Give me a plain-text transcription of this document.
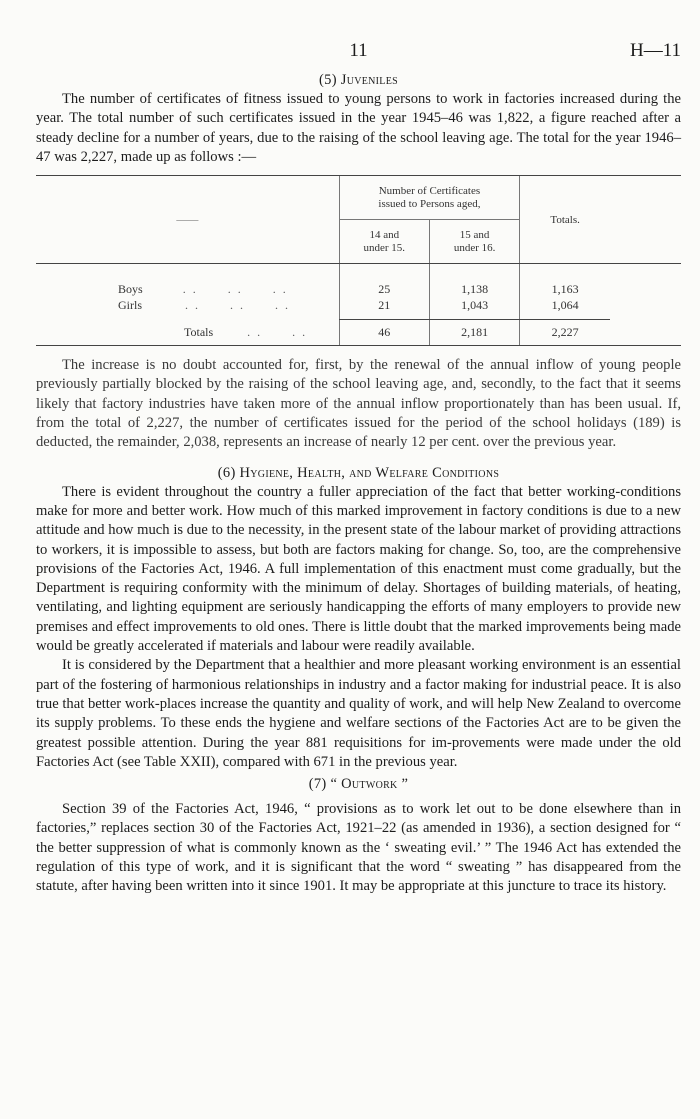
11	H—11
(5) Juveniles

The number of certificates of fitness issued to young persons to work in factories increased during the year. The total number of such certificates issued in the year 1945–46 was 1,822, a figure reached after a steady decline for a number of years, due to the raising of the school leaving age. The total for the year 1946–47 was 2,227, made up as follows :—

——	Number of Certificates issued to Persons aged,		Totals.	
	14 and under 15.	15 and under 16.		

Boys . .      . .      . .	25	1,138	1,163	
Girls . .      . .      . .	21	1,043	1,064	

Totals . .      . .	46	2,181	2,227	

The increase is no doubt accounted for, first, by the renewal of the annual inflow of young people previously partially blocked by the raising of the school leaving age, and, secondly, to the fact that it seems likely that factory industries have taken more of the annual inflow proportionately than has been usual. If, from the total of 2,227, the number of certificates issued for the period of the school holidays (189) is deducted, the remainder, 2,038, represents an increase of nearly 12 per cent. over the previous year.

(6) Hygiene, Health, and Welfare Conditions

There is evident throughout the country a fuller appreciation of the fact that better working-conditions make for more and better work. How much of this marked improvement in factory conditions is due to a new attitude and how much is due to the necessity, in the present state of the labour market of providing attractions to workers, it is impossible to assess, but both are factors making for change. So, too, are the comprehensive provisions of the Factories Act, 1946. A full implementation of this enactment must come gradually, but the Department is requiring conformity with the minimum of delay. Shortages of building materials, of heating, ventilating, and lighting equipment are seriously handicapping the efforts of many employers to provide new premises and effect improvements to old ones. There is little doubt that the marked improvements being made would be greatly accelerated if materials and labour were readily available.

It is considered by the Department that a healthier and more pleasant working environment is an essential part of the fostering of harmonious relationships in industry and a factor making for industrial peace. It is also true that better work-places increase the quantity and quality of work, and will help New Zealand to overcome its supply problems. To these ends the hygiene and welfare sections of the Factories Act are to be given the greatest possible attention. During the year 881 requisitions for im-provements were made under the old Factories Act (see Table XXII), compared with 671 in the previous year.

(7) “ Outwork ”

Section 39 of the Factories Act, 1946, “ provisions as to work let out to be done elsewhere than in factories,” replaces section 30 of the Factories Act, 1921–22 (as amended in 1936), a section designed for “ the better suppression of what is commonly known as the ‘ sweating evil.’ ” The 1946 Act has extended the regulation of this type of work, and it is significant that the word “ sweating ” has disappeared from the statute, after having been written into it since 1901. It may be appropriate at this juncture to trace its history.
